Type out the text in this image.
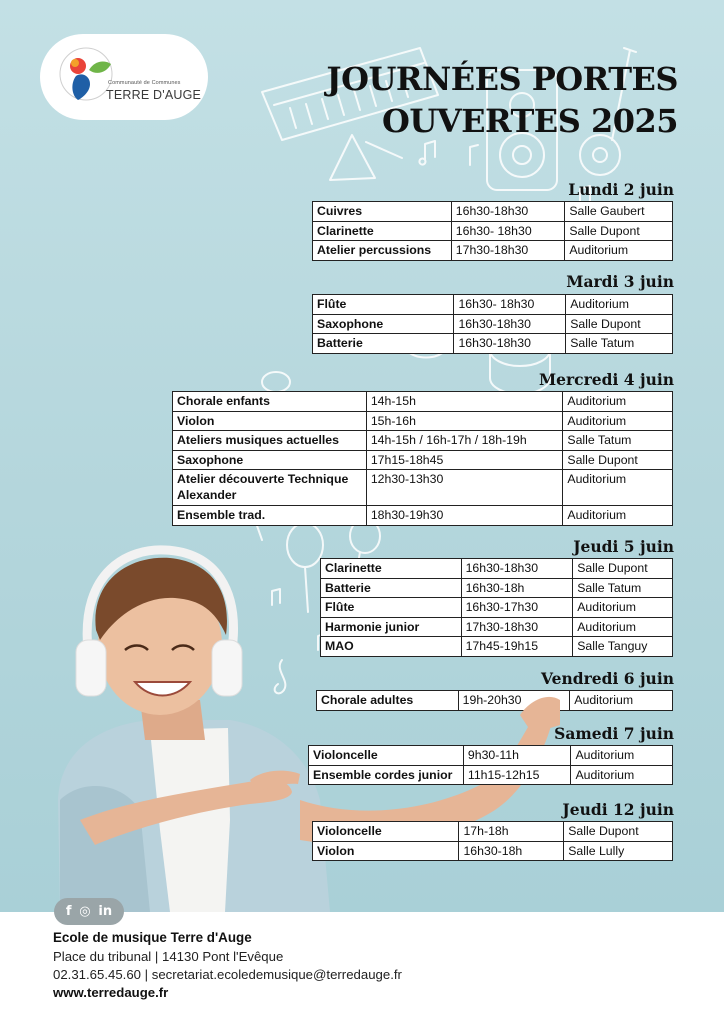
Communauté de Communes
TERRE D'AUGE	JOURNÉES PORTES
OUVERTES 2025
Lundi 2 juin
Cuivres	16h30-18h30	Salle Gaubert
Clarinette	16h30- 18h30	Salle Dupont
Atelier percussions	17h30-18h30	Auditorium
Mardi 3 juin
Flûte	16h30- 18h30	Auditorium
Saxophone	16h30-18h30	Salle Dupont
Batterie	16h30-18h30	Salle Tatum
Mercredi 4 juin
Chorale enfants	14h-15h	Auditorium
Violon	15h-16h	Auditorium
Ateliers musiques actuelles	14h-15h / 16h-17h / 18h-19h	Salle Tatum
Saxophone	17h15-18h45	Salle Dupont

Atelier découverte Technique
Alexander	12h30-13h30	Auditorium
Ensemble trad.	18h30-19h30	Auditorium
Jeudi 5 juin
Clarinette	16h30-18h30	Salle Dupont
Batterie	16h30-18h	Salle Tatum
Flûte	16h30-17h30	Auditorium
Harmonie junior	17h30-18h30	Auditorium
MAO	17h45-19h15	Salle Tanguy
Vendredi 6 juin
Chorale adultes	19h-20h30	Auditorium
Samedi 7 juin
Violoncelle	9h30-11h	Auditorium
Ensemble cordes junior	11h15-12h15	Auditorium
Jeudi 12 juin
Violoncelle	17h-18h	Salle Dupont
Violon	16h30-18h	Salle Lully
f ◎ in
Ecole de musique Terre d'Auge
Place du tribunal | 14130 Pont l'Evêque
02.31.65.45.60 | secretariat.ecoledemusique@terredauge.fr
www.terredauge.fr
